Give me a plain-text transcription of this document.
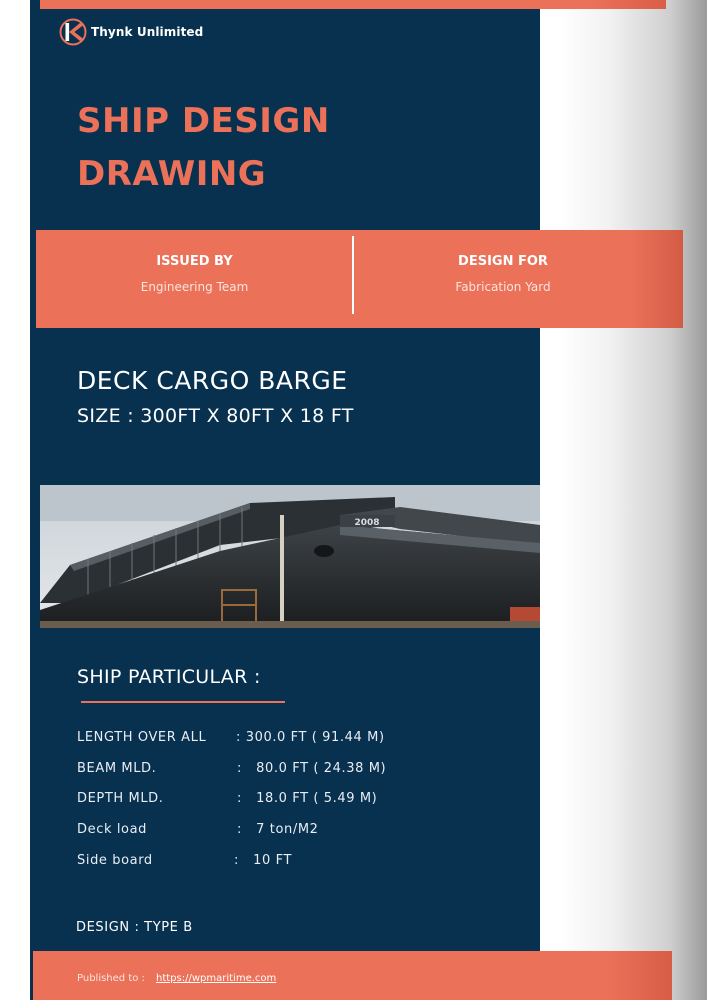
Thynk Unlimited
SHIP DESIGN
DRAWING
ISSUED BY
Engineering Team
DESIGN FOR
Fabrication Yard
DECK CARGO BARGE
SIZE : 300FT X 80FT X 18 FT
2008
SHIP PARTICULAR :
LENGTH OVER ALL : 300.0 FT ( 91.44 M)
BEAM MLD.	:   80.0 FT ( 24.38 M)
DEPTH MLD.	:   18.0 FT ( 5.49 M)
Deck load	:   7 ton/M2
Side board	:   10 FT
DESIGN : TYPE B
Published to : https://wpmaritime.com
